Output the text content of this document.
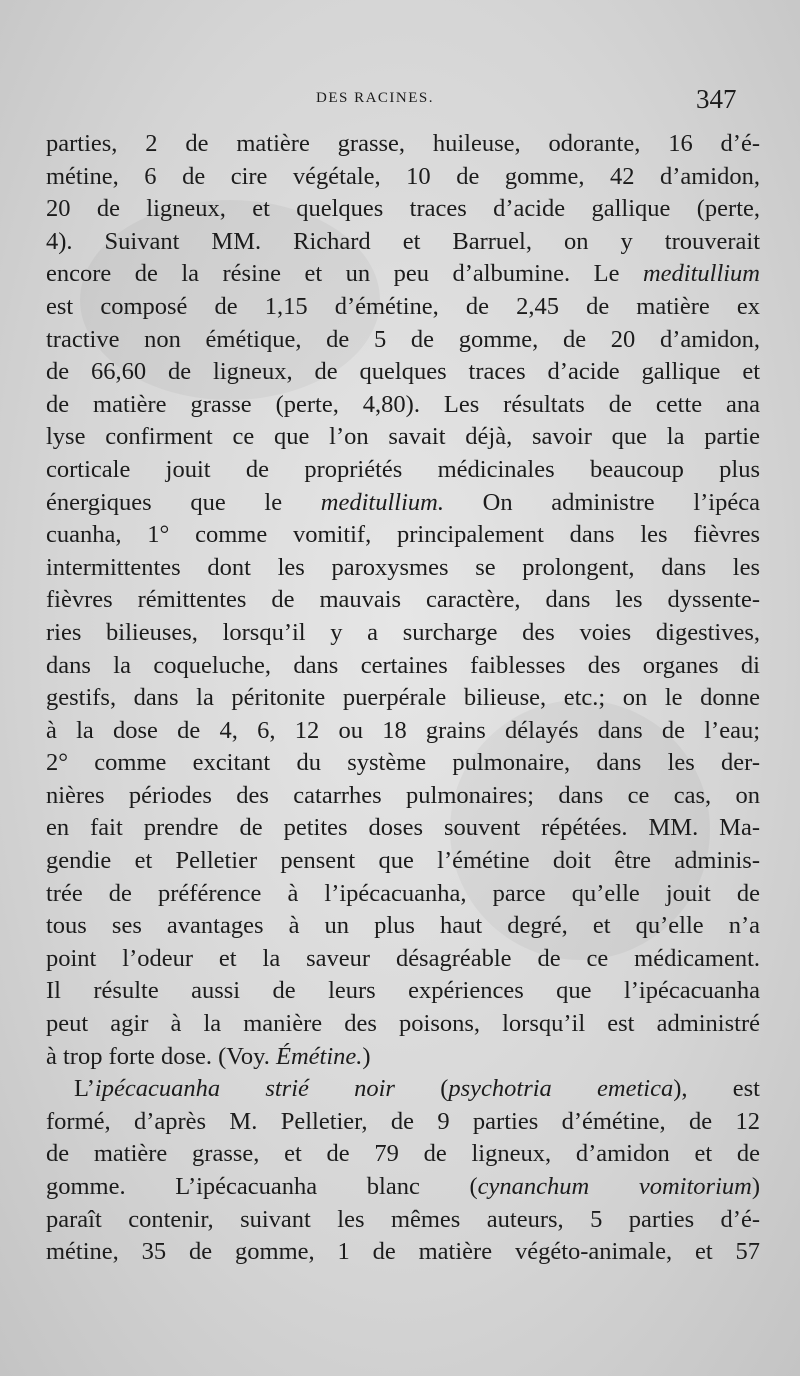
DES RACINES.	347
parties, 2 de matière grasse, huileuse, odorante, 16 d’é-
métine, 6 de cire végétale, 10 de gomme, 42 d’amidon,
20 de ligneux, et quelques traces d’acide gallique (perte,
4). Suivant MM. Richard et Barruel, on y trouverait
encore de la résine et un peu d’albumine. Le meditullium
est composé de 1,15 d’émétine, de 2,45 de matière ex
tractive non émétique, de 5 de gomme, de 20 d’amidon,
de 66,60 de ligneux, de quelques traces d’acide gallique et
de matière grasse (perte, 4,80). Les résultats de cette ana
lyse confirment ce que l’on savait déjà, savoir que la partie
corticale jouit de propriétés médicinales beaucoup plus
énergiques que le meditullium. On administre l’ipéca
cuanha, 1° comme vomitif, principalement dans les fièvres
intermittentes dont les paroxysmes se prolongent, dans les
fièvres rémittentes de mauvais caractère, dans les dyssente-
ries bilieuses, lorsqu’il y a surcharge des voies digestives,
dans la coqueluche, dans certaines faiblesses des organes di
gestifs, dans la péritonite puerpérale bilieuse, etc.; on le donne
à la dose de 4, 6, 12 ou 18 grains délayés dans de l’eau;
2° comme excitant du système pulmonaire, dans les der-
nières périodes des catarrhes pulmonaires; dans ce cas, on
en fait prendre de petites doses souvent répétées. MM. Ma-
gendie et Pelletier pensent que l’émétine doit être adminis-
trée de préférence à l’ipécacuanha, parce qu’elle jouit de
tous ses avantages à un plus haut degré, et qu’elle n’a
point l’odeur et la saveur désagréable de ce médicament.
Il résulte aussi de leurs expériences que l’ipécacuanha
peut agir à la manière des poisons, lorsqu’il est administré
à trop forte dose. (Voy. Émétine.)
L’ipécacuanha strié noir (psychotria emetica), est
formé, d’après M. Pelletier, de 9 parties d’émétine, de 12
de matière grasse, et de 79 de ligneux, d’amidon et de
gomme. L’ipécacuanha blanc (cynanchum vomitorium)
paraît contenir, suivant les mêmes auteurs, 5 parties d’é-
métine, 35 de gomme, 1 de matière végéto-animale, et 57
